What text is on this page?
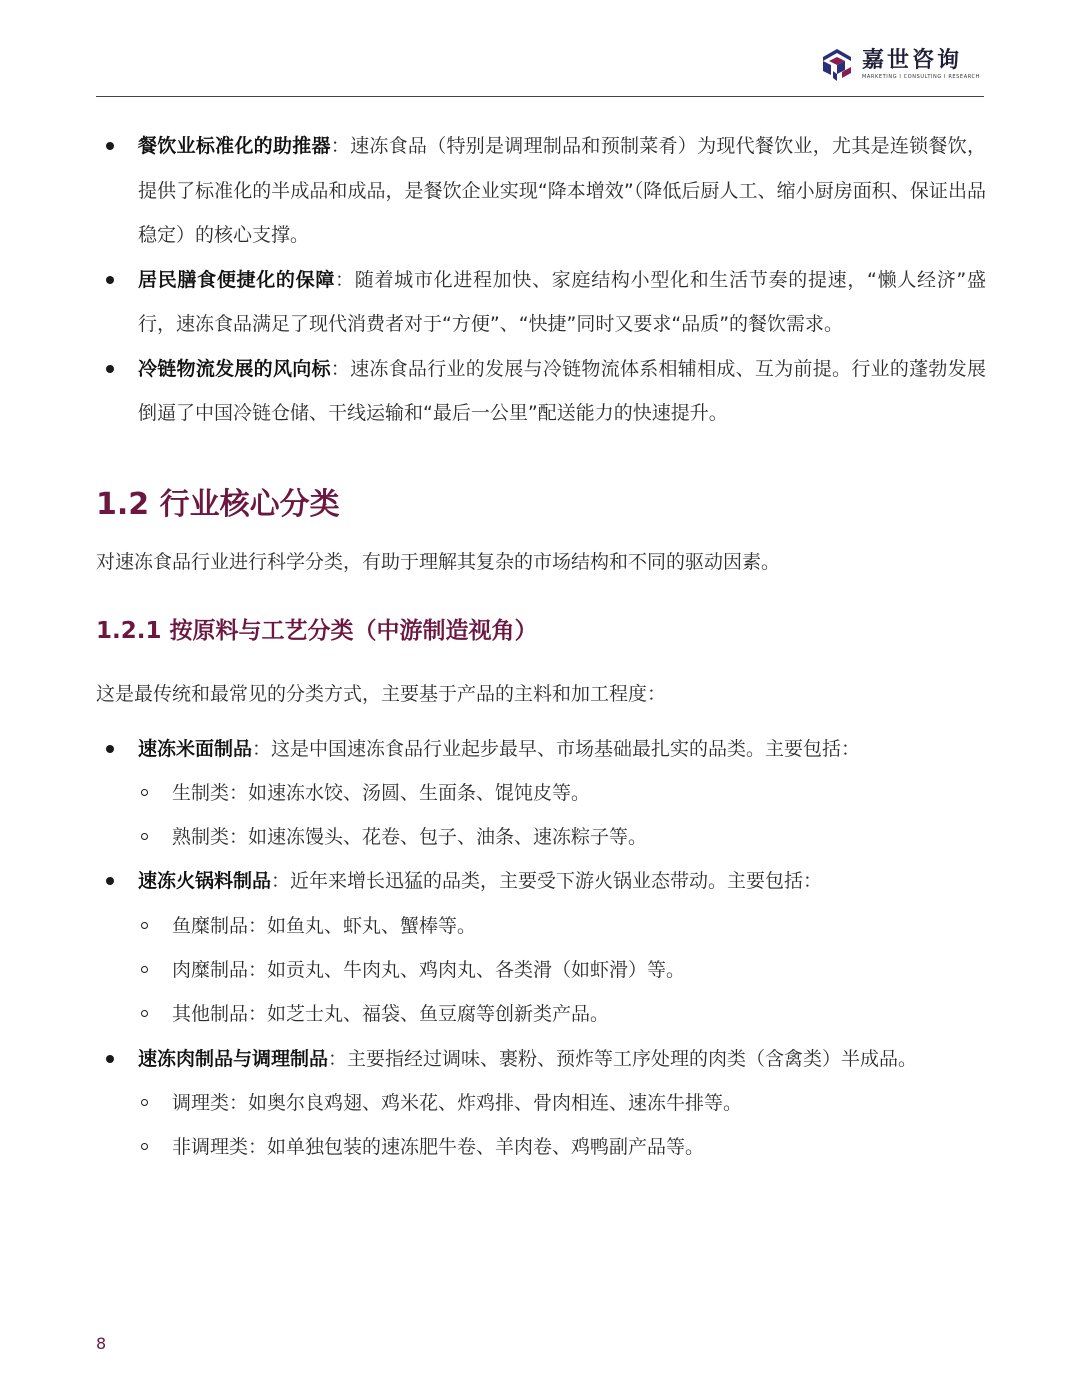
嘉世咨询
MARKETING I CONSULTING I RESEARCH
餐饮业标准化的助推器：速冻食品（特别是调理制品和预制菜肴）为现代餐饮业，尤其是连锁餐饮，提供了标准化的半成品和成品，是餐饮企业实现“降本增效”（降低后厨人工、缩小厨房面积、保证出品稳定）的核心支撑。
居民膳食便捷化的保障：随着城市化进程加快、家庭结构小型化和生活节奏的提速，“懒人经济”盛行，速冻食品满足了现代消费者对于“方便”、“快捷”同时又要求“品质”的餐饮需求。
冷链物流发展的风向标：速冻食品行业的发展与冷链物流体系相辅相成、互为前提。行业的蓬勃发展倒逼了中国冷链仓储、干线运输和“最后一公里”配送能力的快速提升。
1.2 行业核心分类

对速冻食品行业进行科学分类，有助于理解其复杂的市场结构和不同的驱动因素。

1.2.1 按原料与工艺分类（中游制造视角）

这是最传统和最常见的分类方式，主要基于产品的主料和加工程度：

速冻米面制品：这是中国速冻食品行业起步最早、市场基础最扎实的品类。主要包括：
生制类：如速冻水饺、汤圆、生面条、馄饨皮等。
熟制类：如速冻馒头、花卷、包子、油条、速冻粽子等。
速冻火锅料制品：近年来增长迅猛的品类，主要受下游火锅业态带动。主要包括：
鱼糜制品：如鱼丸、虾丸、蟹棒等。
肉糜制品：如贡丸、牛肉丸、鸡肉丸、各类滑（如虾滑）等。
其他制品：如芝士丸、福袋、鱼豆腐等创新类产品。
速冻肉制品与调理制品：主要指经过调味、裹粉、预炸等工序处理的肉类（含禽类）半成品。
调理类：如奥尔良鸡翅、鸡米花、炸鸡排、骨肉相连、速冻牛排等。
非调理类：如单独包装的速冻肥牛卷、羊肉卷、鸡鸭副产品等。
8
